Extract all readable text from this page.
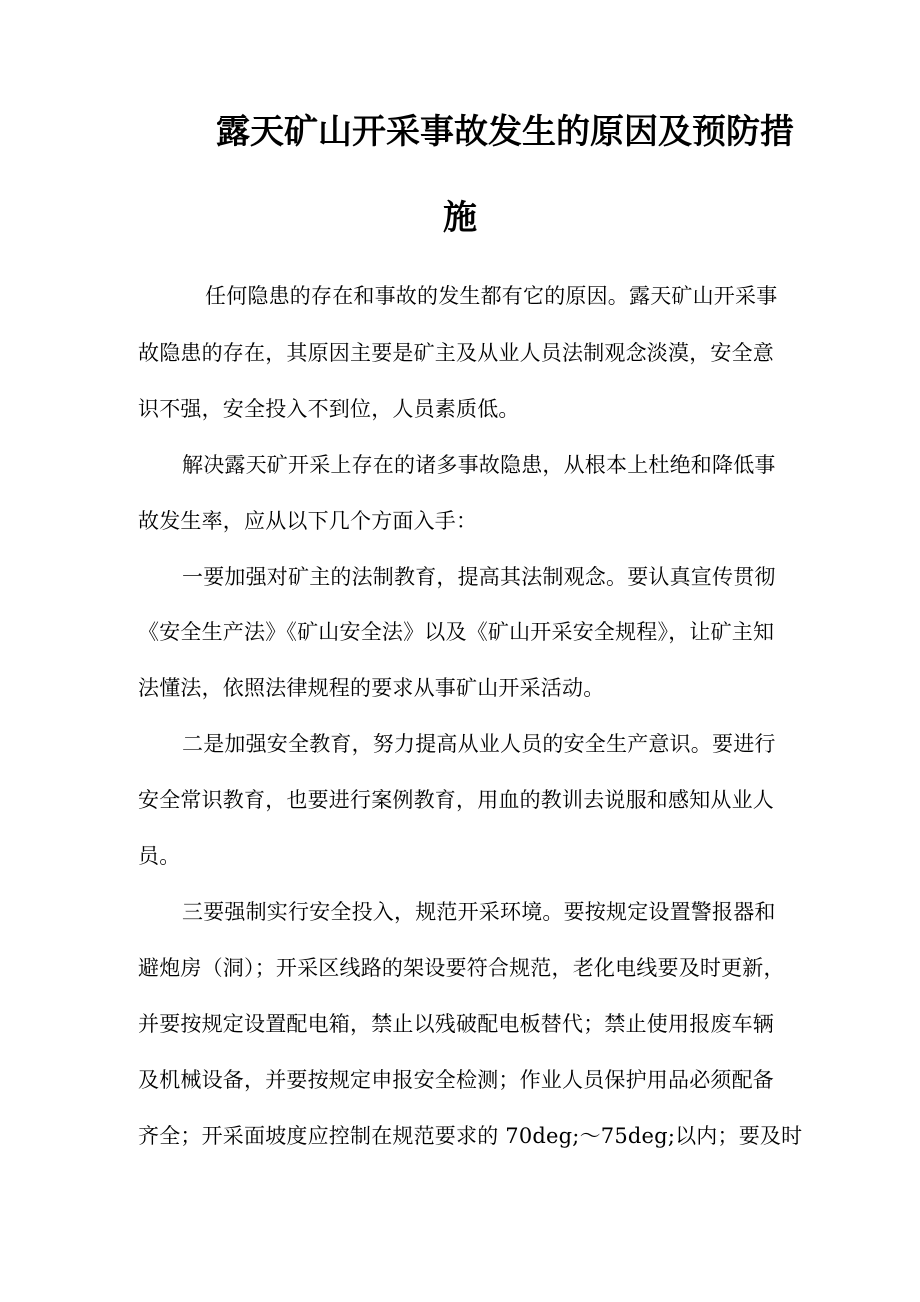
露天矿山开采事故发生的原因及预防措
施
任何隐患的存在和事故的发生都有它的原因。露天矿山开采事
故隐患的存在，其原因主要是矿主及从业人员法制观念淡漠，安全意
识不强，安全投入不到位，人员素质低。
解决露天矿开采上存在的诸多事故隐患，从根本上杜绝和降低事
故发生率，应从以下几个方面入手：
一要加强对矿主的法制教育，提高其法制观念。要认真宣传贯彻
《安全生产法》《矿山安全法》以及《矿山开采安全规程》，让矿主知
法懂法，依照法律规程的要求从事矿山开采活动。
二是加强安全教育，努力提高从业人员的安全生产意识。要进行
安全常识教育，也要进行案例教育，用血的教训去说服和感知从业人
员。
三要强制实行安全投入，规范开采环境。要按规定设置警报器和
避炮房（洞）；开采区线路的架设要符合规范，老化电线要及时更新，
并要按规定设置配电箱，禁止以残破配电板替代；禁止使用报废车辆
及机械设备，并要按规定申报安全检测；作业人员保护用品必须配备
齐全；开采面坡度应控制在规范要求的 70deg;～75deg;以内；要及时
